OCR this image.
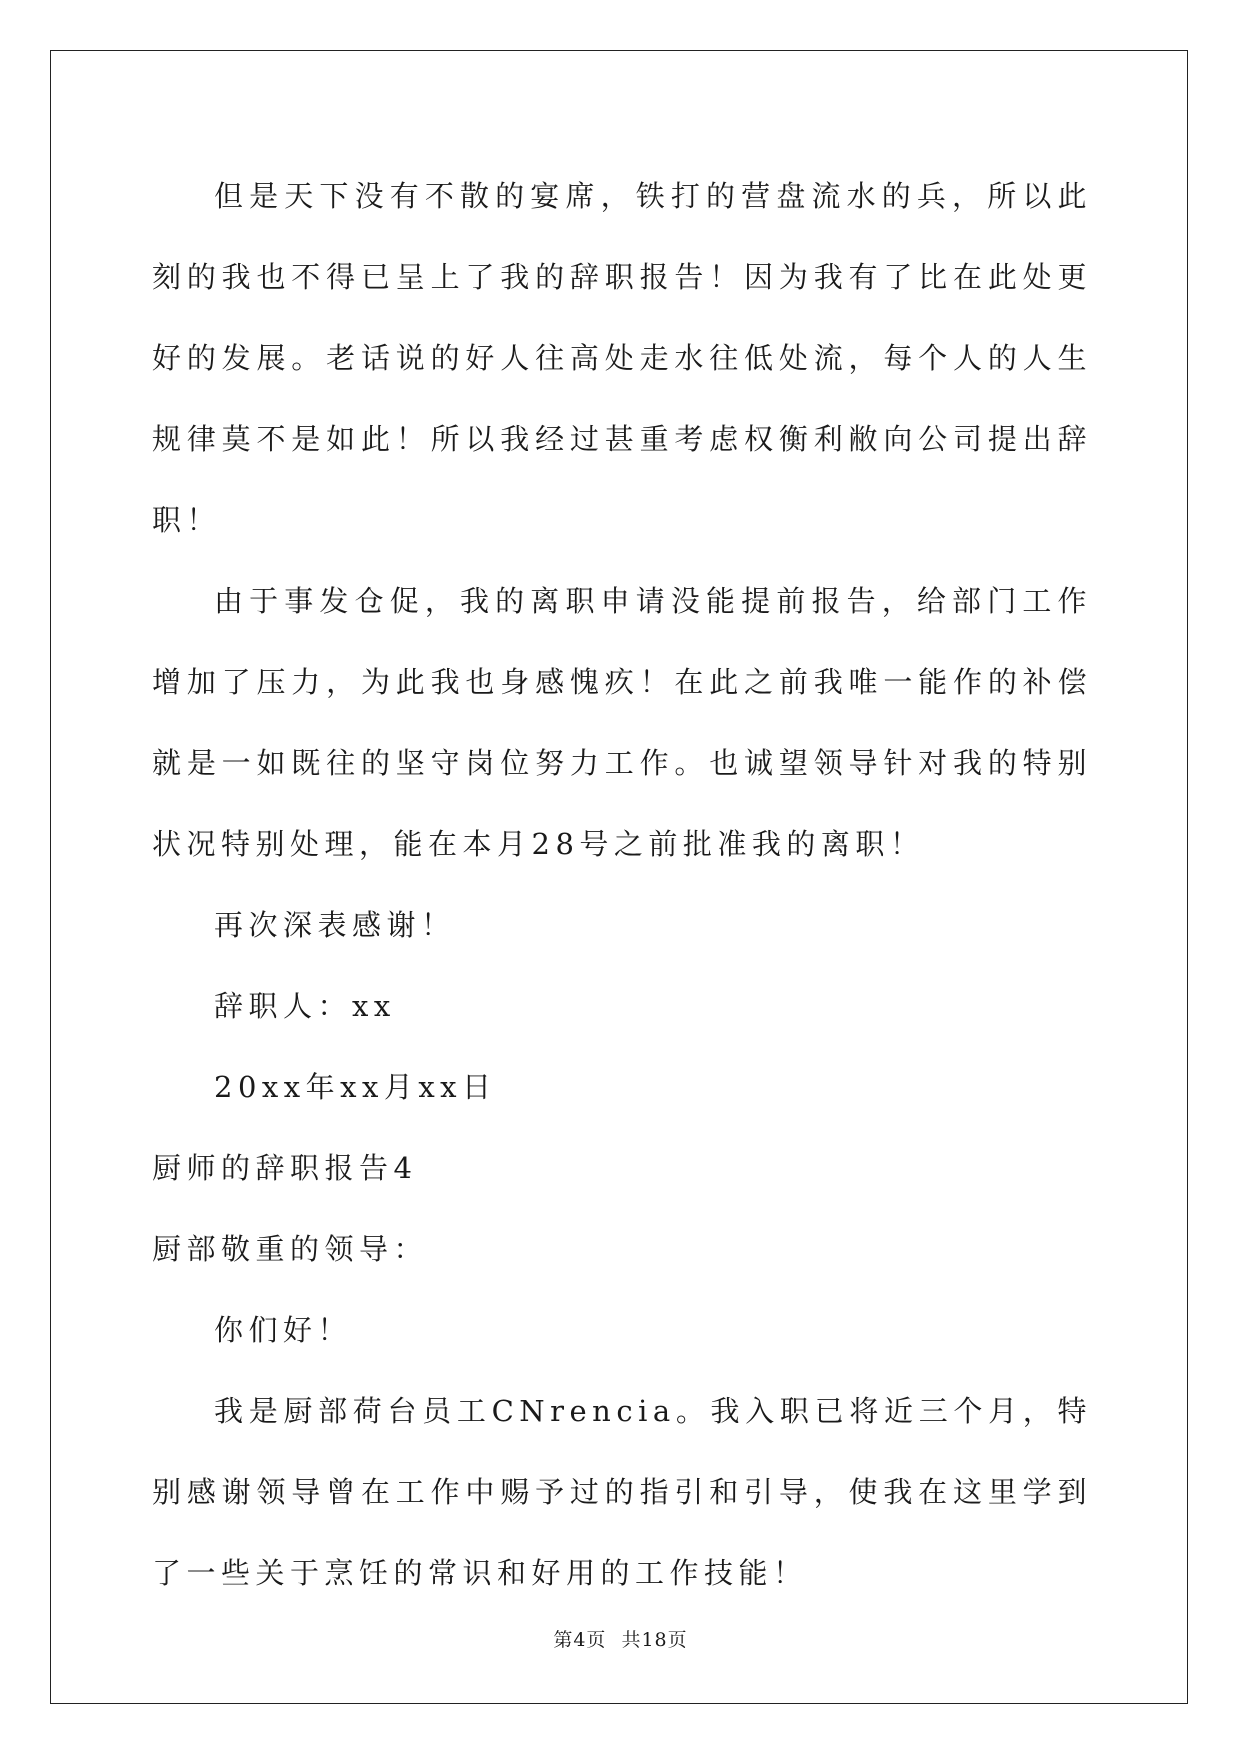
但是天下没有不散的宴席，铁打的营盘流水的兵，所以此刻的我也不得已呈上了我的辞职报告！因为我有了比在此处更好的发展。老话说的好人往高处走水往低处流，每个人的人生规律莫不是如此！所以我经过甚重考虑权衡利敝向公司提出辞职！

由于事发仓促，我的离职申请没能提前报告，给部门工作增加了压力，为此我也身感愧疚！在此之前我唯一能作的补偿就是一如既往的坚守岗位努力工作。也诚望领导针对我的特别状况特别处理，能在本月28号之前批准我的离职！

再次深表感谢！

辞职人：xx

20xx年xx月xx日

厨师的辞职报告4

厨部敬重的领导：

你们好！

我是厨部荷台员工CNrencia。我入职已将近三个月，特别感谢领导曾在工作中赐予过的指引和引导，使我在这里学到了一些关于烹饪的常识和好用的工作技能！

第4页 共18页
